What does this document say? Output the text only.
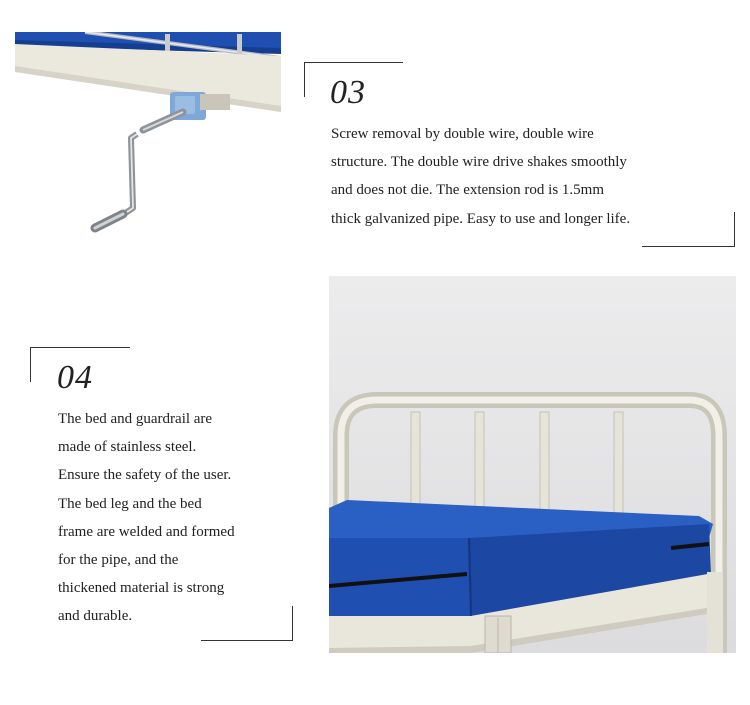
03
Screw removal by double wire, double wire
structure. The double wire drive shakes smoothly
and does not die. The extension rod is 1.5mm
thick galvanized pipe. Easy to use and longer life.
04
The bed and guardrail are
made of stainless steel.
Ensure the safety of the user.
The bed leg and the bed
frame are welded and formed
for the pipe, and the
thickened material is strong
and durable.
